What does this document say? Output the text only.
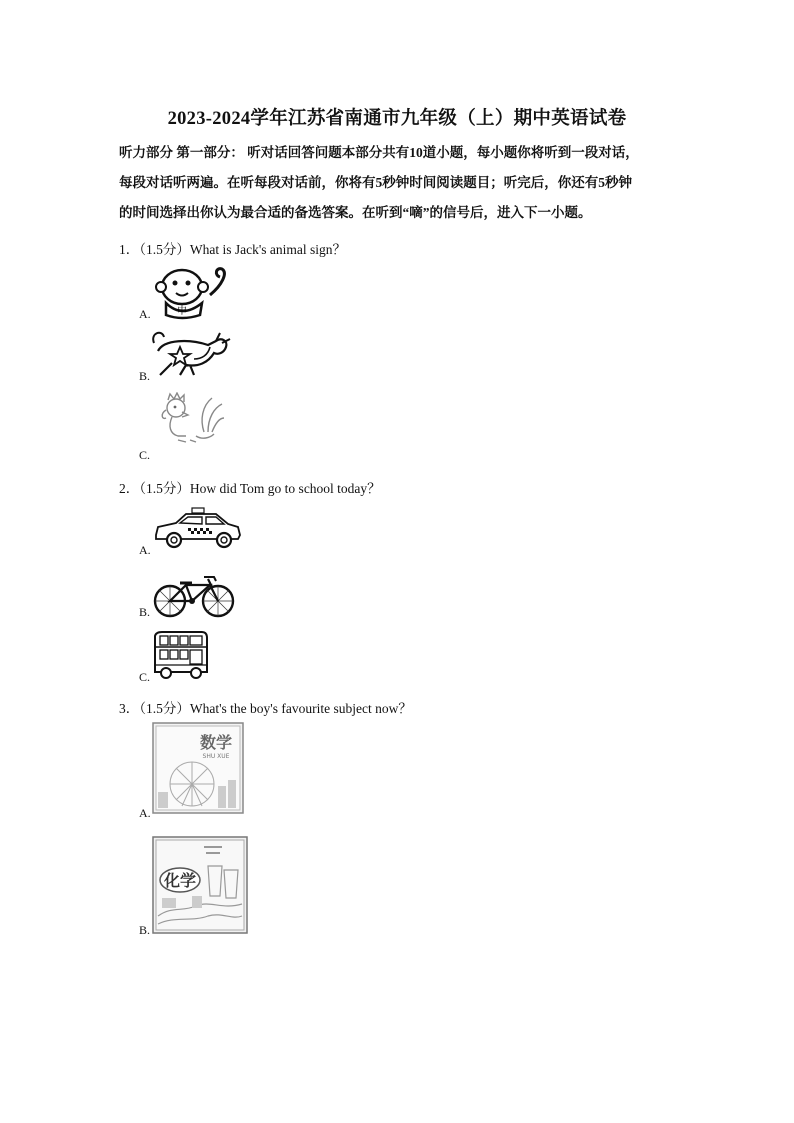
2023-2024学年江苏省南通市九年级（上）期中英语试卷

听力部分 第一部分： 听对话回答问题本部分共有10道小题，每小题你将听到一段对话，

每段对话听两遍。在听每段对话前，你将有5秒钟时间阅读题目；听完后，你还有5秒钟

的时间选择出你认为最合适的备选答案。在听到“嘀”的信号后，进入下一小题。

1．（1.5分）What is Jack's animal sign？
申
A.
B.
C.
2．（1.5分）How did Tom go to school today？
A.
B.
C.
3．（1.5分）What's the boy's favourite subject now？
数学
SHU XUE
A.
化学
B.
